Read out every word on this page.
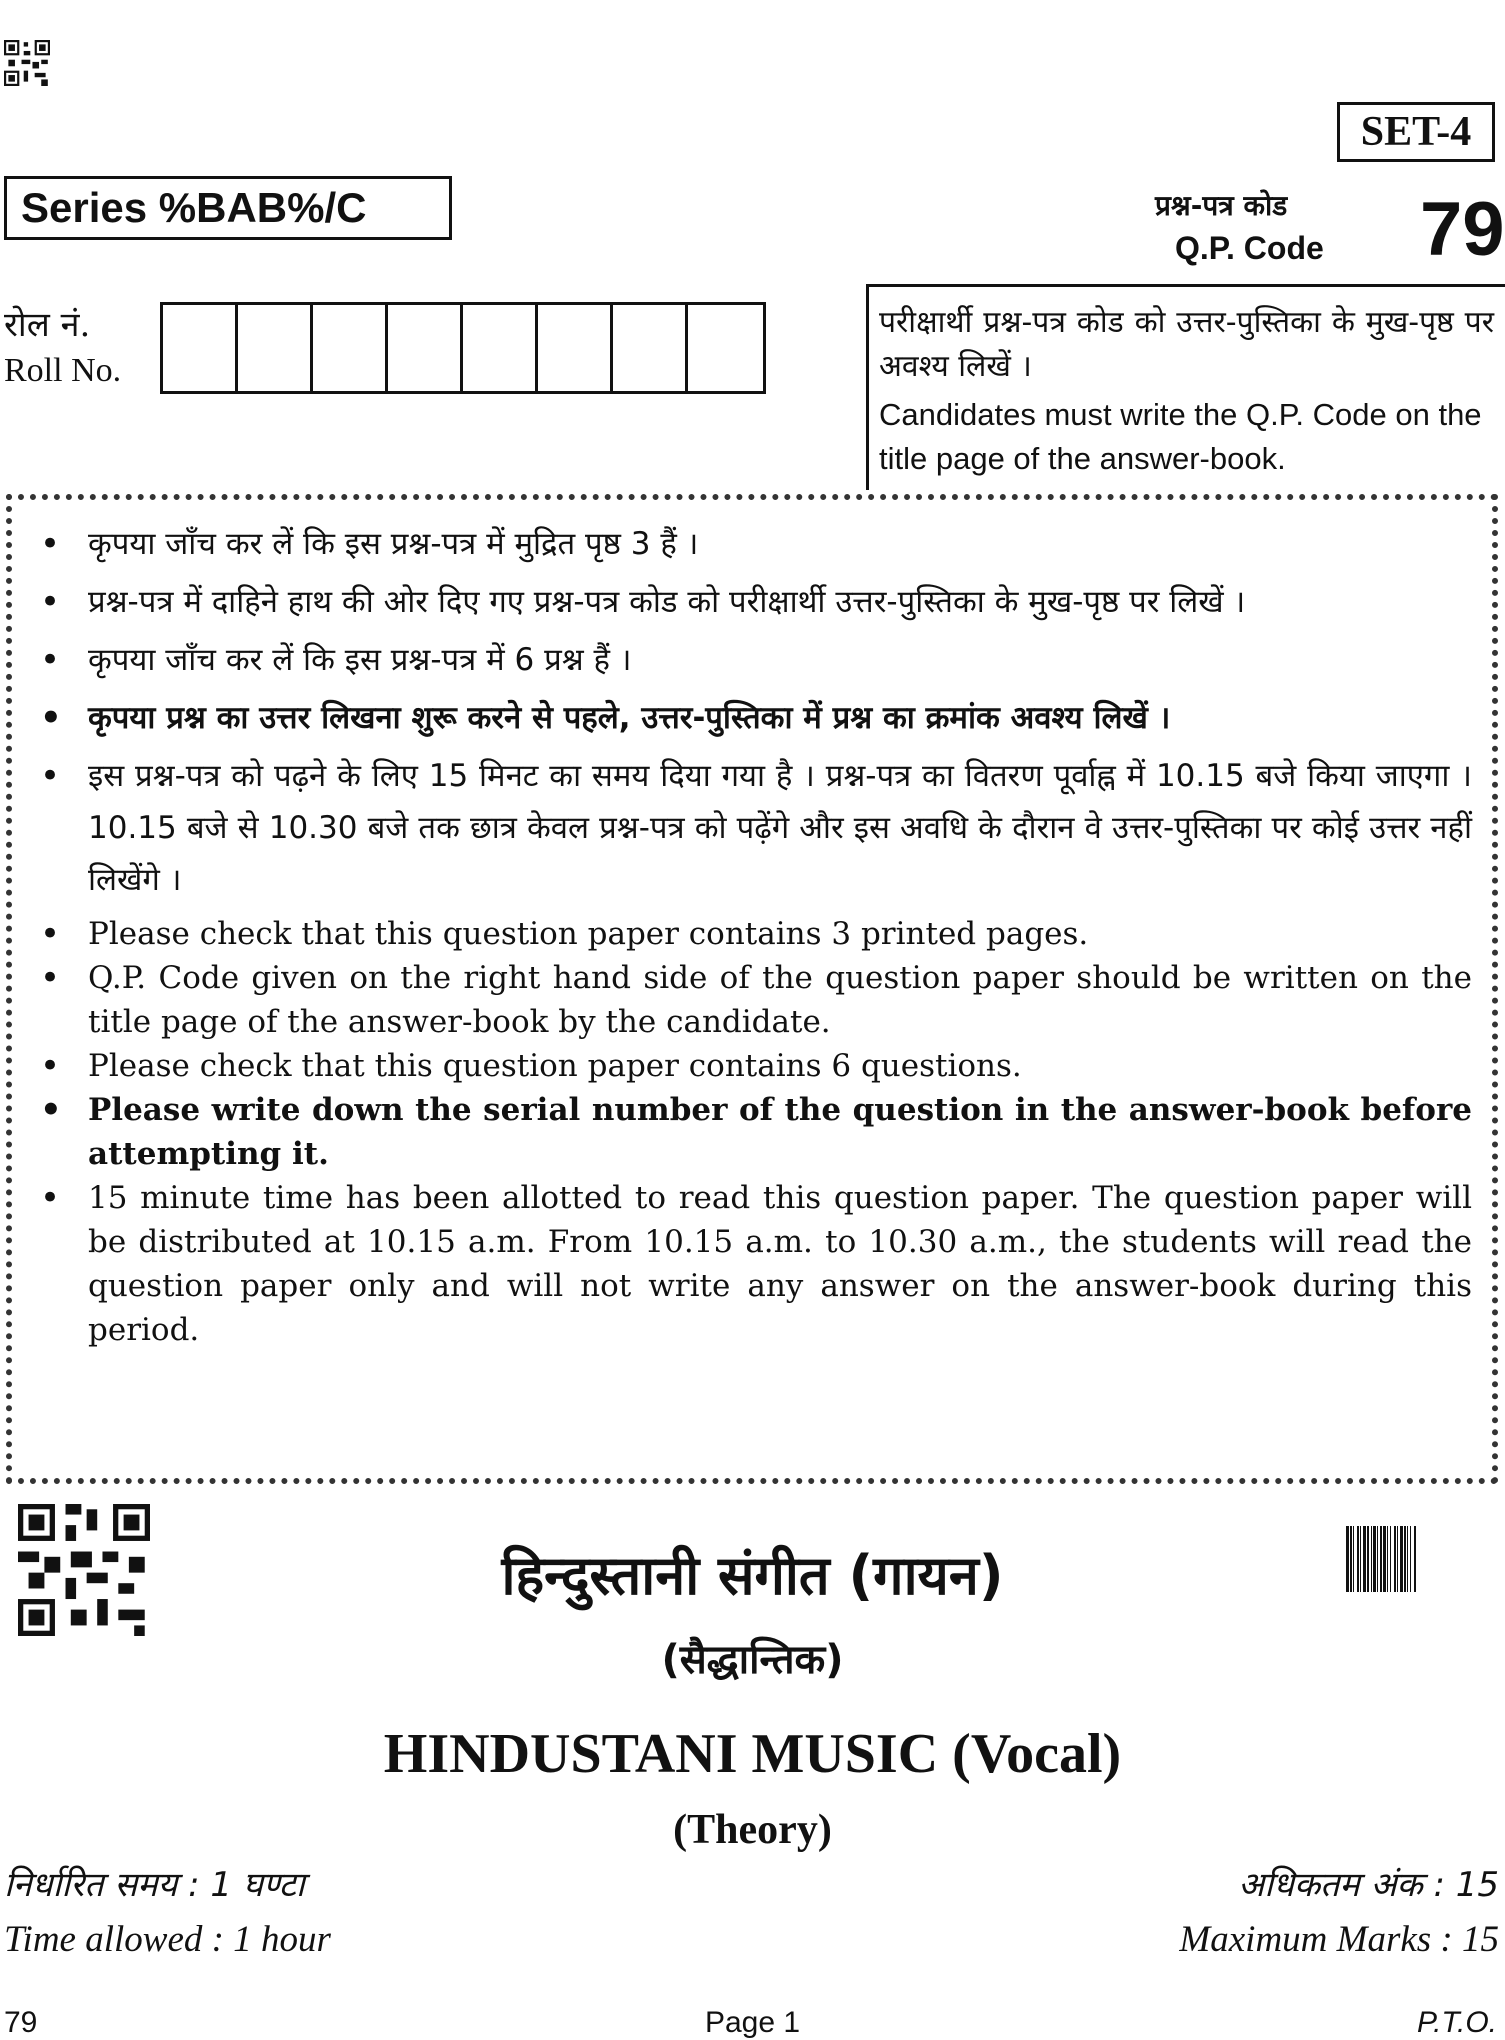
SET-4
Series %BAB%/C	प्रश्न-पत्र कोड
Q.P. Code 79
रोल नं.
Roll No.
परीक्षार्थी प्रश्न-पत्र कोड को उत्तर-पुस्तिका के मुख-पृष्ठ पर अवश्य लिखें ।
Candidates must write the Q.P. Code on the title page of the answer-book.
• कृपया जाँच कर लें कि इस प्रश्न-पत्र में मुद्रित पृष्ठ 3 हैं ।
• प्रश्न-पत्र में दाहिने हाथ की ओर दिए गए प्रश्न-पत्र कोड को परीक्षार्थी उत्तर-पुस्तिका के मुख-पृष्ठ पर लिखें ।
• कृपया जाँच कर लें कि इस प्रश्न-पत्र में 6 प्रश्न हैं ।
• कृपया प्रश्न का उत्तर लिखना शुरू करने से पहले, उत्तर-पुस्तिका में प्रश्न का क्रमांक अवश्य लिखें ।
• इस प्रश्न-पत्र को पढ़ने के लिए 15 मिनट का समय दिया गया है । प्रश्न-पत्र का वितरण पूर्वाह्न में 10.15 बजे किया जाएगा । 10.15 बजे से 10.30 बजे तक छात्र केवल प्रश्न-पत्र को पढ़ेंगे और इस अवधि के दौरान वे उत्तर-पुस्तिका पर कोई उत्तर नहीं लिखेंगे ।
• Please check that this question paper contains 3 printed pages.
• Q.P. Code given on the right hand side of the question paper should be written on the title page of the answer-book by the candidate.
• Please check that this question paper contains 6 questions.
• Please write down the serial number of the question in the answer-book before attempting it.
• 15 minute time has been allotted to read this question paper. The question paper will be distributed at 10.15 a.m. From 10.15 a.m. to 10.30 a.m., the students will read the question paper only and will not write any answer on the answer-book during this period.
हिन्दुस्तानी संगीत (गायन)
(सैद्धान्तिक)
HINDUSTANI MUSIC (Vocal)
(Theory)
निर्धारित समय : 1 घण्टा
Time allowed : 1 hour
अधिकतम अंक : 15
Maximum Marks : 15
79	Page 1	P.T.O.
